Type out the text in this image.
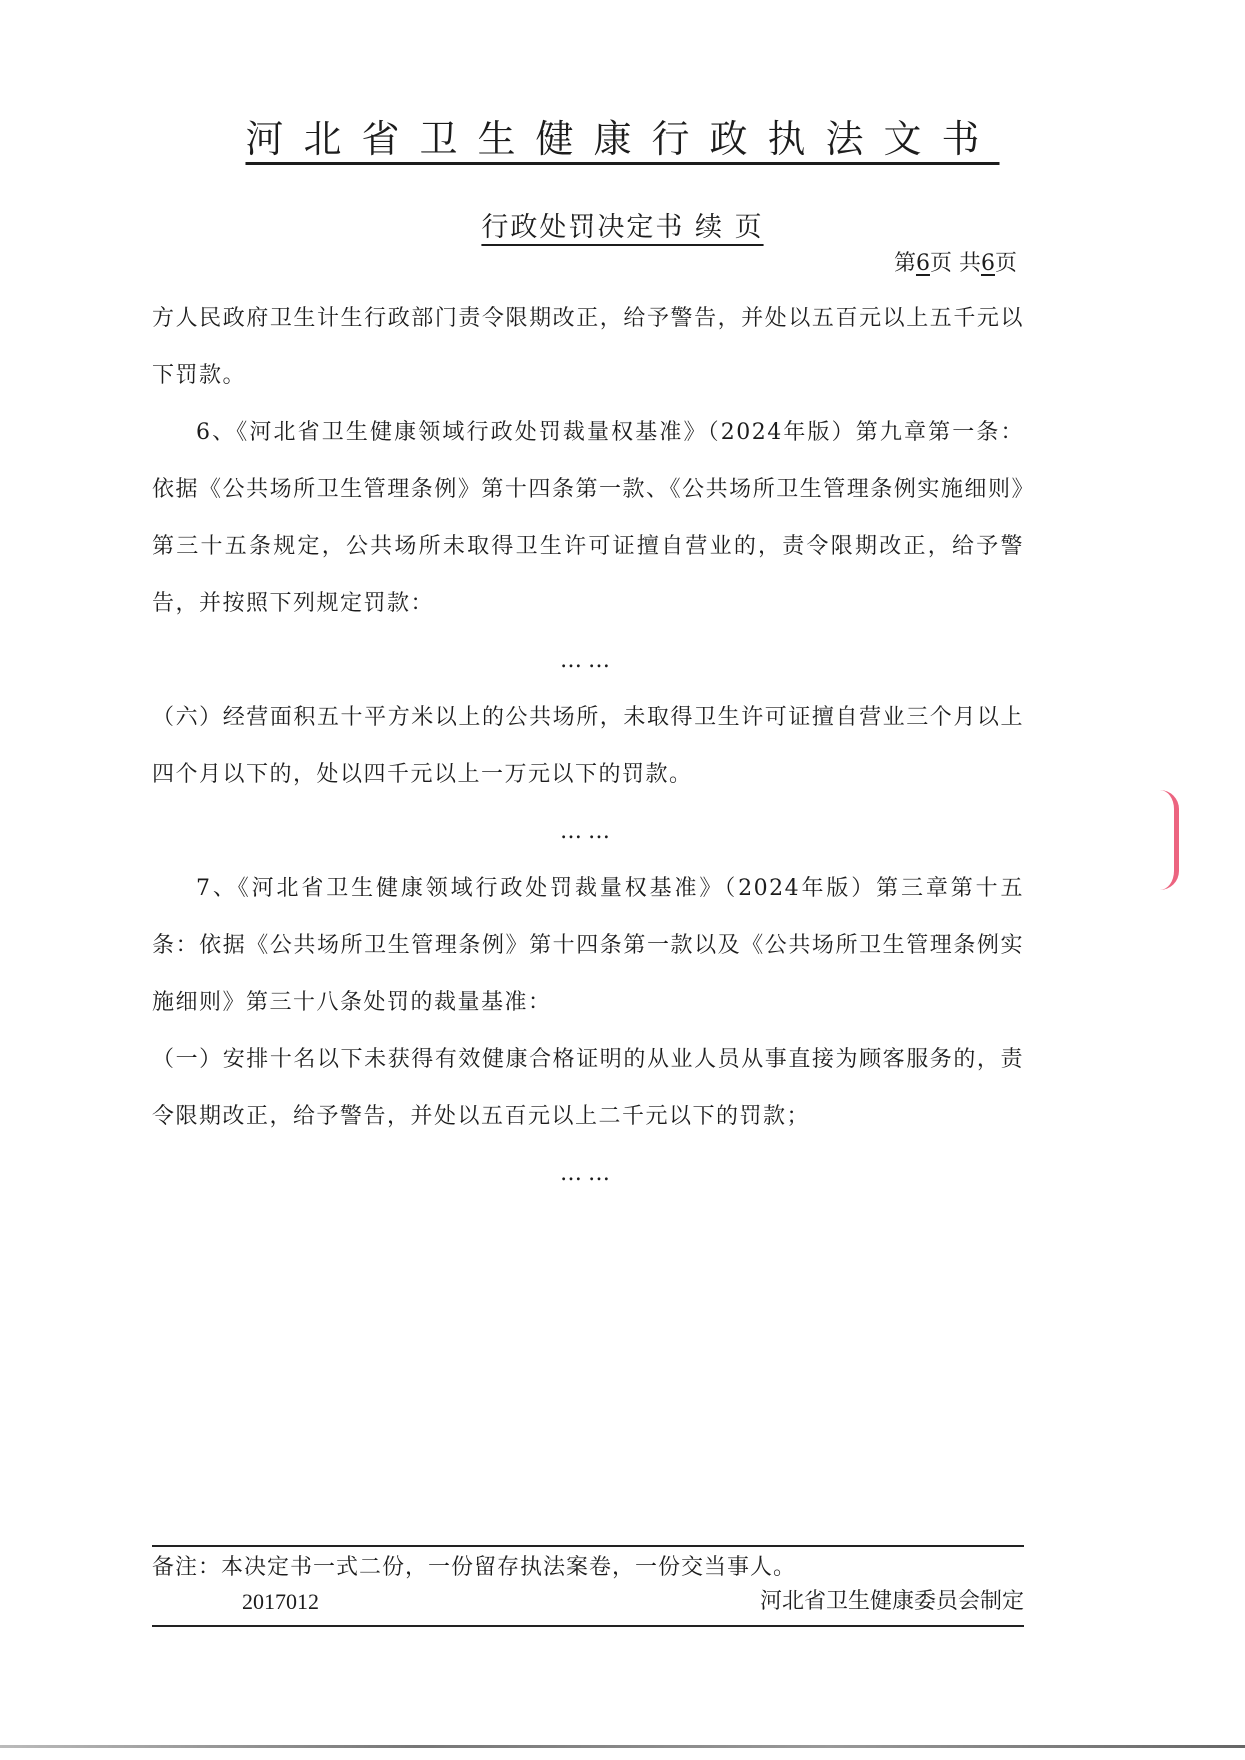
河北省卫生健康行政执法文书
行政处罚决定书 续 页
第6页 共6页

方人民政府卫生计生行政部门责令限期改正，给予警告，并处以五百元以上五千元以下罚款。

6、《河北省卫生健康领域行政处罚裁量权基准》（2024年版）第九章第一条：依据《公共场所卫生管理条例》第十四条第一款、《公共场所卫生管理条例实施细则》第三十五条规定，公共场所未取得卫生许可证擅自营业的，责令限期改正，给予警告，并按照下列规定罚款：

……

（六）经营面积五十平方米以上的公共场所，未取得卫生许可证擅自营业三个月以上四个月以下的，处以四千元以上一万元以下的罚款。

……

7、《河北省卫生健康领域行政处罚裁量权基准》（2024年版）第三章第十五条：依据《公共场所卫生管理条例》第十四条第一款以及《公共场所卫生管理条例实施细则》第三十八条处罚的裁量基准：

（一）安排十名以下未获得有效健康合格证明的从业人员从事直接为顾客服务的，责令限期改正，给予警告，并处以五百元以上二千元以下的罚款；

……

备注：本决定书一式二份，一份留存执法案卷，一份交当事人。
2017012	河北省卫生健康委员会制定
